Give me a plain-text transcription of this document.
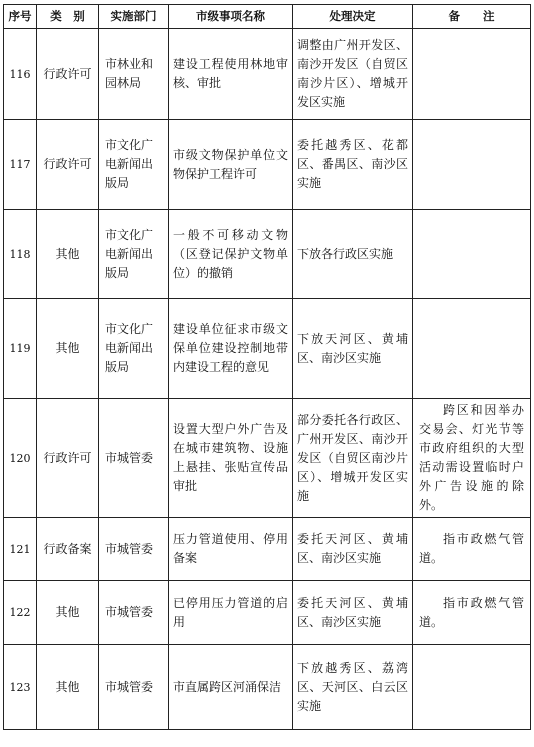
序号	类　别	实施部门	市级事项名称	处理决定	备　　注
116	行政许可	市林业和园林局	建设工程使用林地审核、审批	调整由广州开发区、南沙开发区（自贸区南沙片区）、增城开发区实施	

117	行政许可	市文化广电新闻出版局	市级文物保护单位文物保护工程许可	委托越秀区、花都区、番禺区、南沙区实施	

118	其他	市文化广电新闻出版局	一般不可移动文物（区登记保护文物单位）的撤销	下放各行政区实施	

119	其他	市文化广电新闻出版局	建设单位征求市级文保单位建设控制地带内建设工程的意见	下放天河区、黄埔区、南沙区实施	

120	行政许可	市城管委	设置大型户外广告及在城市建筑物、设施上悬挂、张贴宣传品审批	部分委托各行政区、广州开发区、南沙开发区（自贸区南沙片区）、增城开发区实施	跨区和因举办交易会、灯光节等市政府组织的大型活动需设置临时户外广告设施的除外。

121	行政备案	市城管委	压力管道使用、停用备案	委托天河区、黄埔区、南沙区实施	指市政燃气管道。

122	其他	市城管委	已停用压力管道的启用	委托天河区、黄埔区、南沙区实施	指市政燃气管道。

123	其他	市城管委	市直属跨区河涌保洁	下放越秀区、荔湾区、天河区、白云区实施	
